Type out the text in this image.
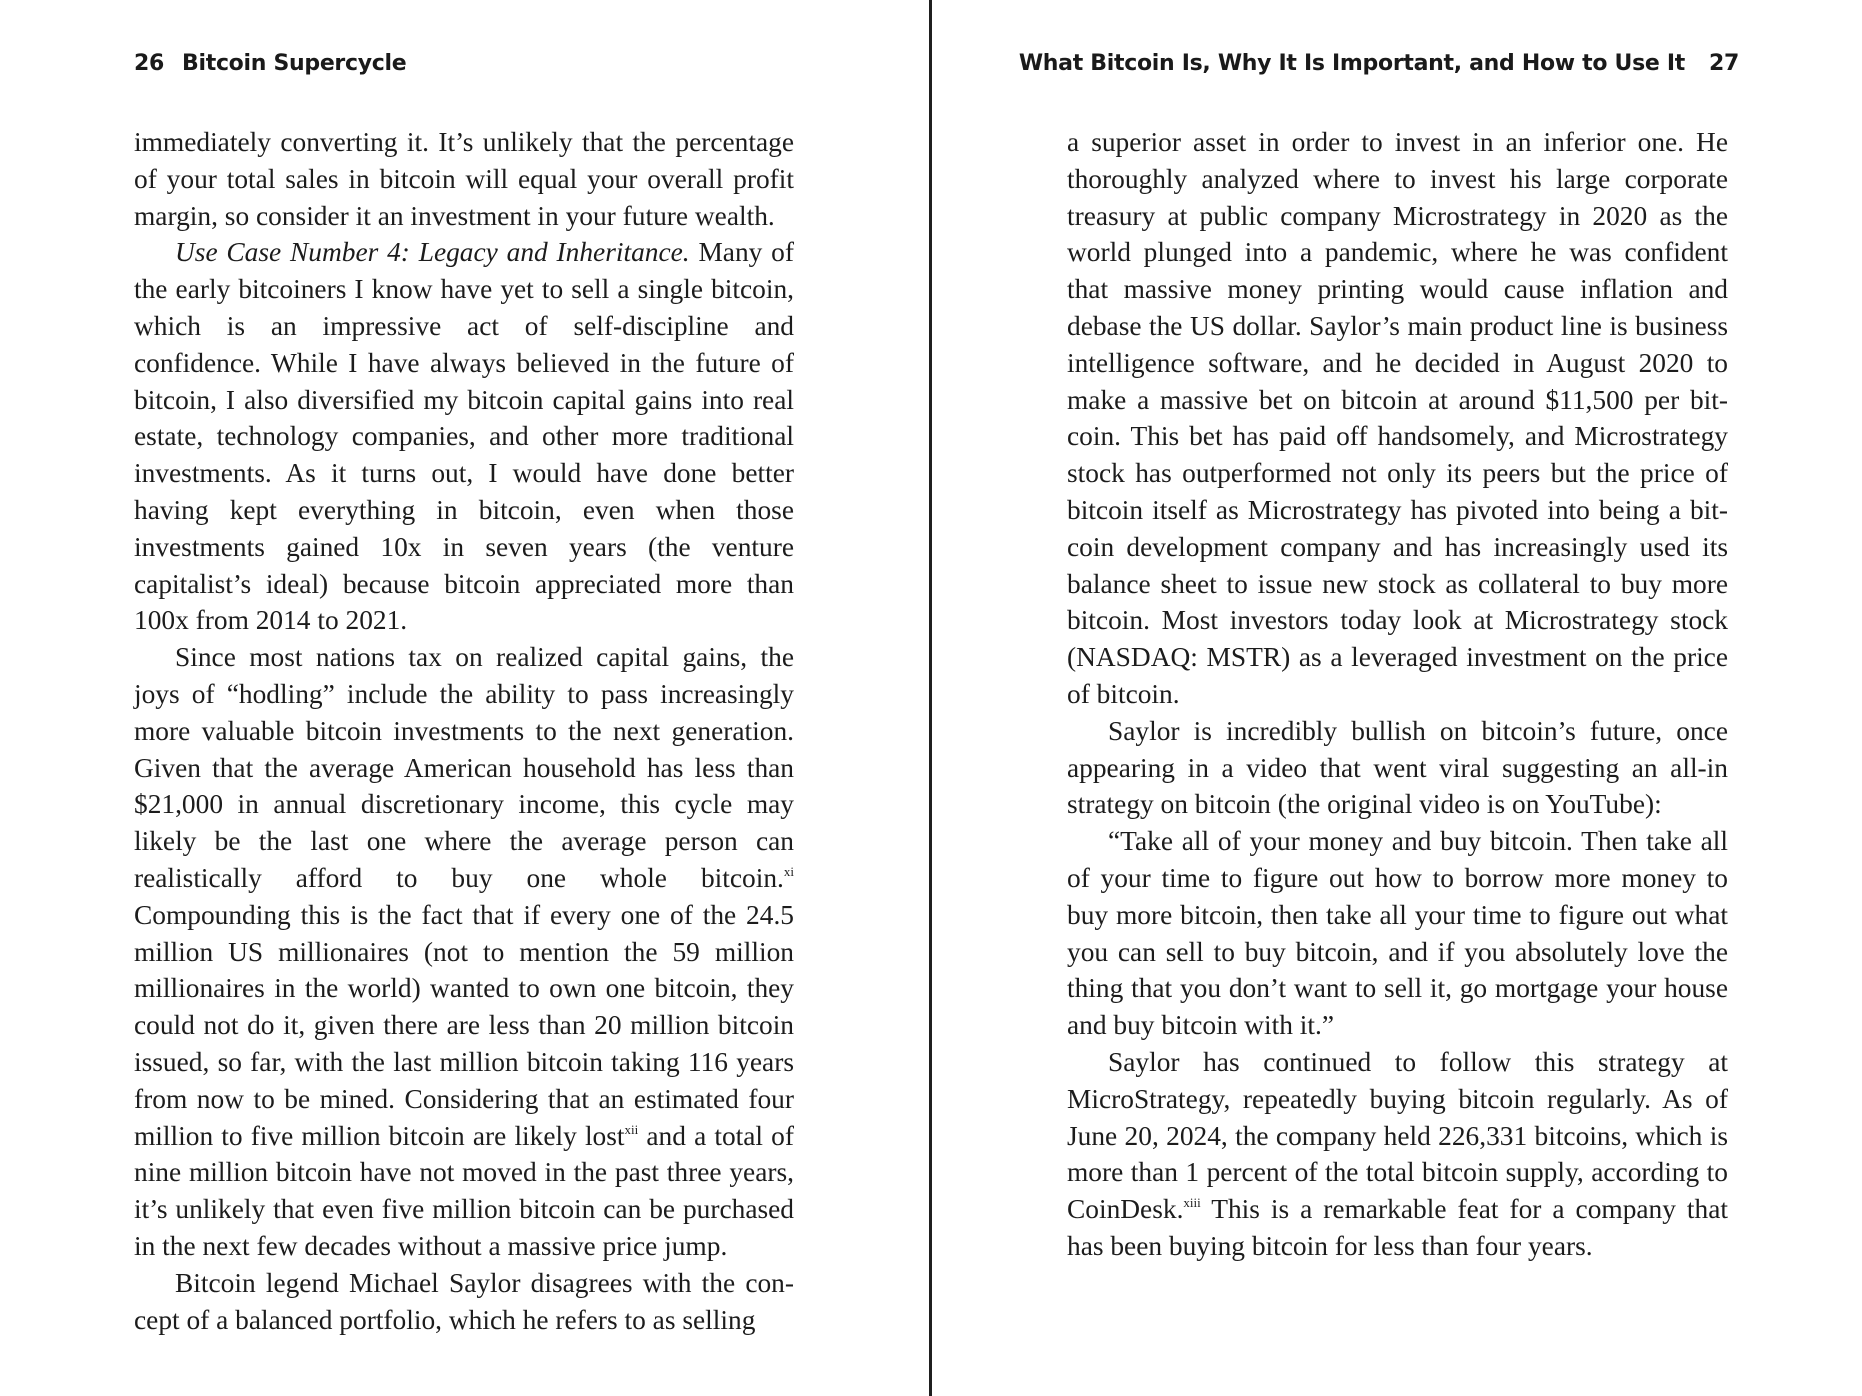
26 Bitcoin Supercycle

immediately converting it. It’s unlikely that the percentage of your total sales in bitcoin will equal your overall profit margin, so consider it an investment in your future wealth.

Use Case Number 4: Legacy and Inheritance. Many of the early bitcoiners I know have yet to sell a single bitcoin, which is an impressive act of self-discipline and confidence. While I have always believed in the future of bitcoin, I also diversified my bitcoin capital gains into real estate, technology companies, and other more traditional investments. As it turns out, I would have done better having kept everything in bitcoin, even when those investments gained 10x in seven years (the venture capitalist’s ideal) because bitcoin appreciated more than 100x from 2014 to 2021.

Since most nations tax on realized capital gains, the joys of “hodling” include the ability to pass increasingly more valuable bitcoin investments to the next generation. Given that the average American household has less than $21,000 in annual discretionary income, this cycle may likely be the last one where the average person can realistically afford to buy one whole bitcoin.$^{xi}$ Compounding this is the fact that if every one of the 24.5 million US millionaires (not to mention the 59 million millionaires in the world) wanted to own one bitcoin, they could not do it, given there are less than 20 million bitcoin issued, so far, with the last million bitcoin taking 116 years from now to be mined. Considering that an estimated four million to five million bitcoin are likely lost$^{xii}$ and a total of nine million bitcoin have not moved in the past three years, it’s unlikely that even five million bitcoin can be purchased in the next few decades without a massive price jump.

Bitcoin legend Michael Saylor disagrees with the concept of a balanced portfolio, which he refers to as selling

What Bitcoin Is, Why It Is Important, and How to Use It 27

a superior asset in order to invest in an inferior one. He thoroughly analyzed where to invest his large corporate treasury at public company Microstrategy in 2020 as the world plunged into a pandemic, where he was confident that massive money printing would cause inflation and debase the US dollar. Saylor’s main product line is business intelligence software, and he decided in August 2020 to make a massive bet on bitcoin at around $11,500 per bitcoin. This bet has paid off handsomely, and Microstrategy stock has outperformed not only its peers but the price of bitcoin itself as Microstrategy has pivoted into being a bitcoin development company and has increasingly used its balance sheet to issue new stock as collateral to buy more bitcoin. Most investors today look at Microstrategy stock (NASDAQ: MSTR) as a leveraged investment on the price of bitcoin.

Saylor is incredibly bullish on bitcoin’s future, once appearing in a video that went viral suggesting an all-in strategy on bitcoin (the original video is on YouTube):

“Take all of your money and buy bitcoin. Then take all of your time to figure out how to borrow more money to buy more bitcoin, then take all your time to figure out what you can sell to buy bitcoin, and if you absolutely love the thing that you don’t want to sell it, go mortgage your house and buy bitcoin with it.”

Saylor has continued to follow this strategy at MicroStrategy, repeatedly buying bitcoin regularly. As of June 20, 2024, the company held 226,331 bitcoins, which is more than 1 percent of the total bitcoin supply, according to CoinDesk.$^{xiii}$ This is a remarkable feat for a company that has been buying bitcoin for less than four years.
